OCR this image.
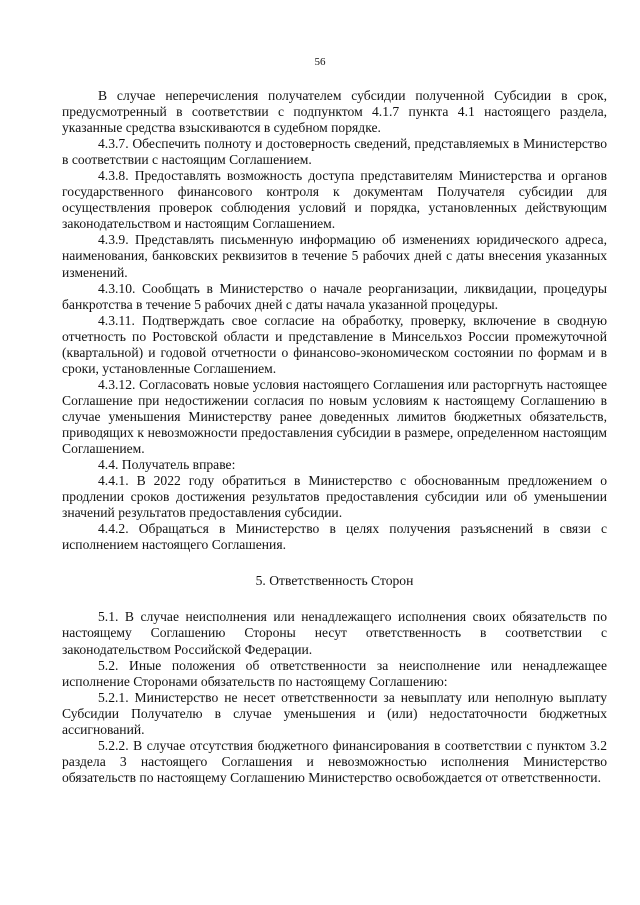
56

В случае неперечисления получателем субсидии полученной Субсидии в срок, предусмотренный в соответствии с подпунктом 4.1.7 пункта 4.1 настоящего раздела, указанные средства взыскиваются в судебном порядке.

4.3.7. Обеспечить полноту и достоверность сведений, представляемых в Министерство в соответствии с настоящим Соглашением.

4.3.8. Предоставлять возможность доступа представителям Министерства и органов государственного финансового контроля к документам Получателя субсидии для осуществления проверок соблюдения условий и порядка, установленных действующим законодательством и настоящим Соглашением.

4.3.9. Представлять письменную информацию об изменениях юридического адреса, наименования, банковских реквизитов в течение 5 рабочих дней с даты внесения указанных изменений.

4.3.10. Сообщать в Министерство о начале реорганизации, ликвидации, процедуры банкротства в течение 5 рабочих дней с даты начала указанной процедуры.

4.3.11. Подтверждать свое согласие на обработку, проверку, включение в сводную отчетность по Ростовской области и представление в Минсельхоз России промежуточной (квартальной) и годовой отчетности о финансово-экономическом состоянии по формам и в сроки, установленные Соглашением.

4.3.12. Согласовать новые условия настоящего Соглашения или расторгнуть настоящее Соглашение при недостижении согласия по новым условиям к настоящему Соглашению в случае уменьшения Министерству ранее доведенных лимитов бюджетных обязательств, приводящих к невозможности предоставления субсидии в размере, определенном настоящим Соглашением.

4.4. Получатель вправе:

4.4.1. В 2022 году обратиться в Министерство с обоснованным предложением о продлении сроков достижения результатов предоставления субсидии или об уменьшении значений результатов предоставления субсидии.

4.4.2. Обращаться в Министерство в целях получения разъяснений в связи с исполнением настоящего Соглашения.

5. Ответственность Сторон

5.1. В случае неисполнения или ненадлежащего исполнения своих обязательств по настоящему Соглашению Стороны несут ответственность в соответствии с законодательством Российской Федерации.

5.2. Иные положения об ответственности за неисполнение или ненадлежащее исполнение Сторонами обязательств по настоящему Соглашению:

5.2.1. Министерство не несет ответственности за невыплату или неполную выплату Субсидии Получателю в случае уменьшения и (или) недостаточности бюджетных ассигнований.

5.2.2. В случае отсутствия бюджетного финансирования в соответствии с пунктом 3.2 раздела 3 настоящего Соглашения и невозможностью исполнения Министерство обязательств по настоящему Соглашению Министерство освобождается от ответственности.
